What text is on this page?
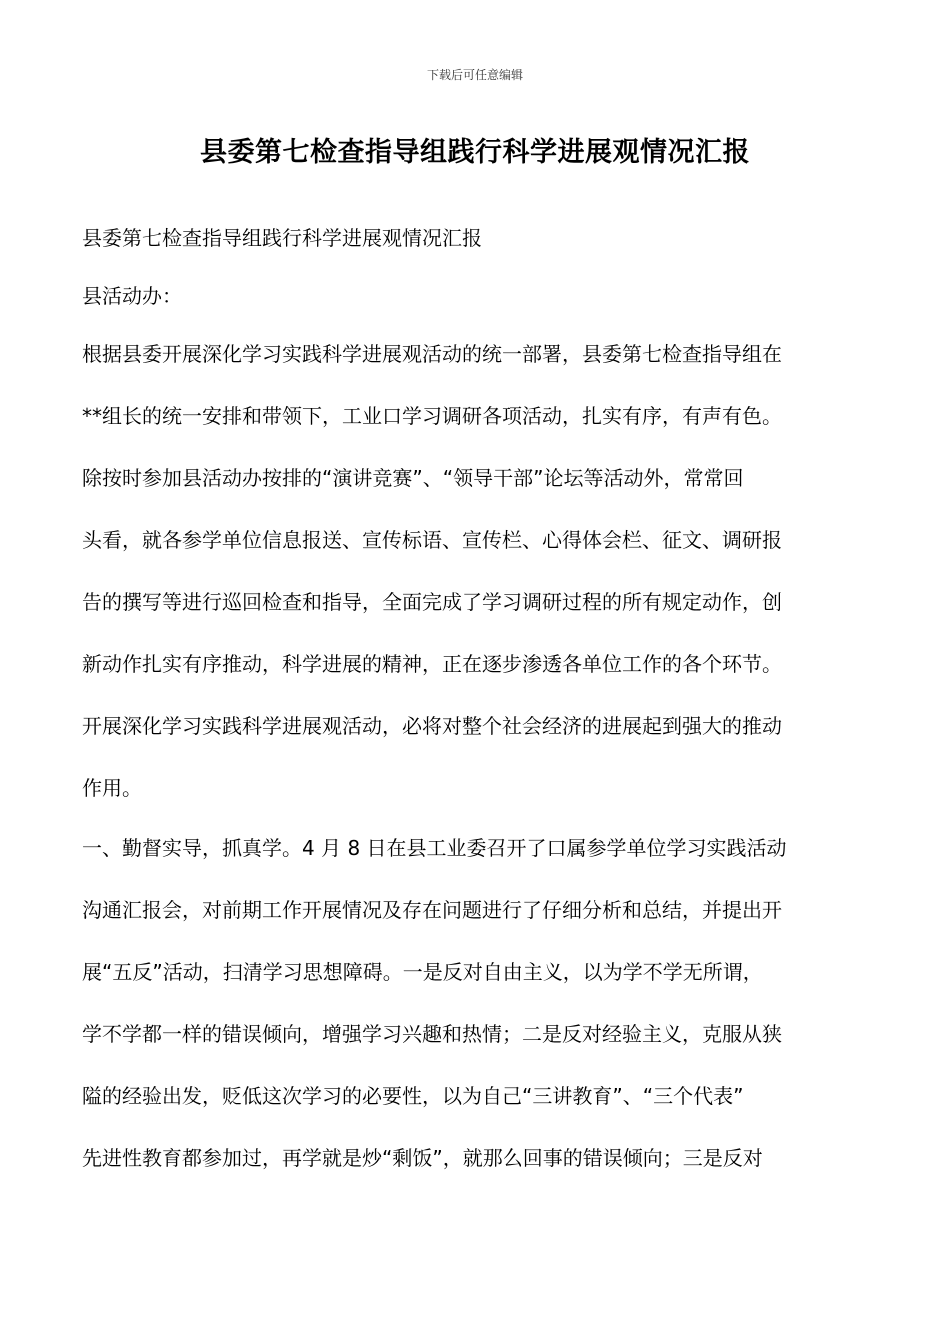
下载后可任意编辑
县委第七检查指导组践行科学进展观情况汇报
县委第七检查指导组践行科学进展观情况汇报
县活动办：
根据县委开展深化学习实践科学进展观活动的统一部署，县委第七检查指导组在
**组长的统一安排和带领下，工业口学习调研各项活动，扎实有序，有声有色。
除按时参加县活动办按排的“演讲竞赛”、“领导干部”论坛等活动外，常常回
头看，就各参学单位信息报送、宣传标语、宣传栏、心得体会栏、征文、调研报
告的撰写等进行巡回检查和指导，全面完成了学习调研过程的所有规定动作，创
新动作扎实有序推动，科学进展的精神，正在逐步渗透各单位工作的各个环节。
开展深化学习实践科学进展观活动，必将对整个社会经济的进展起到强大的推动
作用。
一、勤督实导，抓真学。4 月 8 日在县工业委召开了口属参学单位学习实践活动
沟通汇报会，对前期工作开展情况及存在问题进行了仔细分析和总结，并提出开
展“五反”活动，扫清学习思想障碍。一是反对自由主义，以为学不学无所谓，
学不学都一样的错误倾向，增强学习兴趣和热情；二是反对经验主义，克服从狭
隘的经验出发，贬低这次学习的必要性，以为自己“三讲教育”、“三个代表”
先进性教育都参加过，再学就是炒“剩饭”，就那么回事的错误倾向；三是反对
